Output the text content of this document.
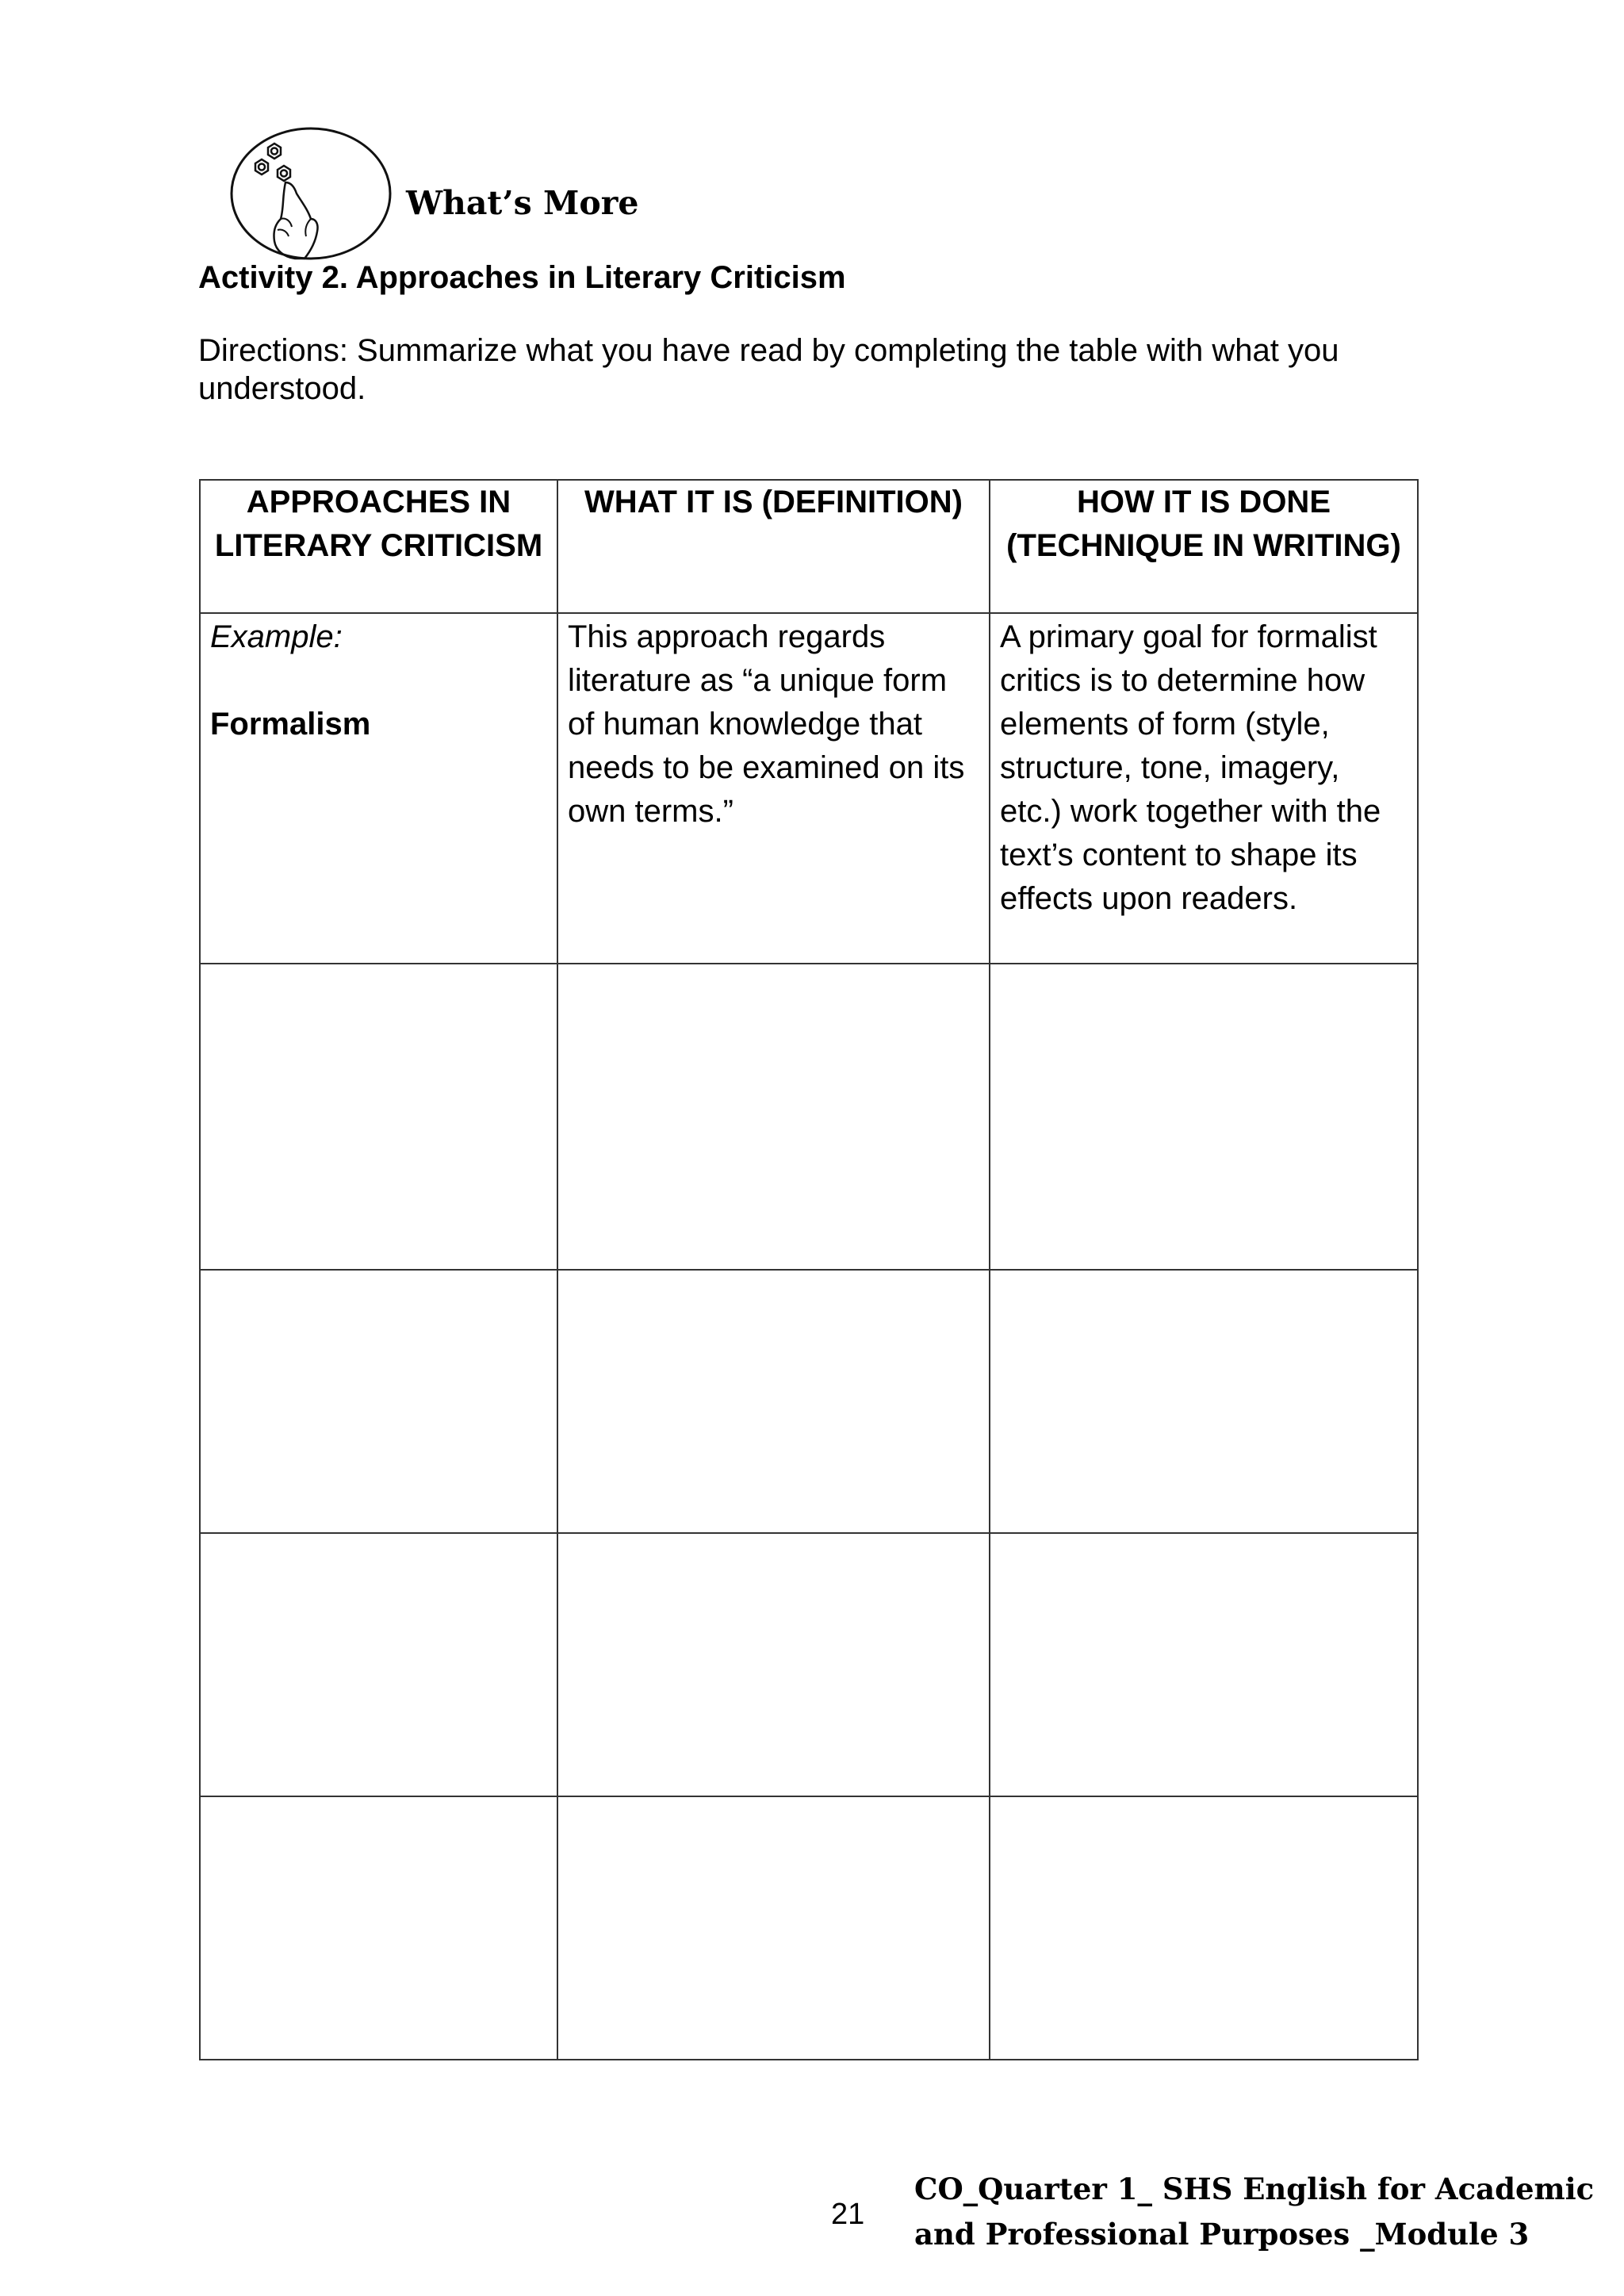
What’s More
Activity 2. Approaches in Literary Criticism
Directions: Summarize what you have read by completing the table with what you understood.
APPROACHES IN LITERARY CRITICISM	WHAT IT IS (DEFINITION)	HOW IT IS DONE (TECHNIQUE IN WRITING)

Example:
Formalism	This approach regards literature as “a unique form of human knowledge that needs to be examined on its own terms.”	A primary goal for formalist critics is to determine how elements of form (style, structure, tone, imagery, etc.) work together with the text’s content to shape its effects upon readers.

21
CO_Quarter 1_ SHS English for Academic
and Professional Purposes _Module 3
